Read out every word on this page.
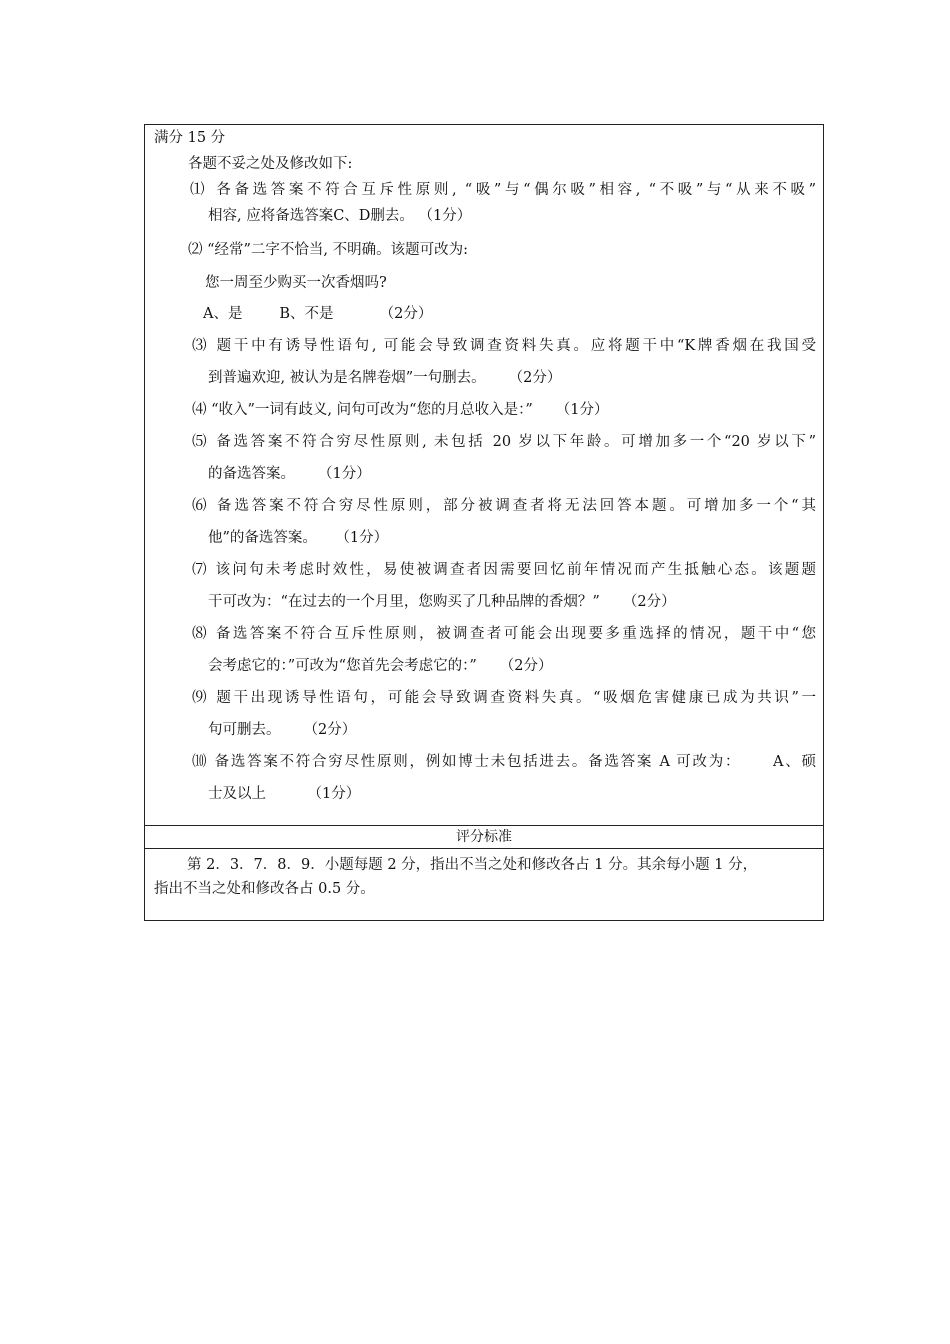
满分 15 分
各题不妥之处及修改如下:
⑴ 各备选答案不符合互斥性原则, “吸”与“偶尔吸”相容, “不吸”与“从来不吸”
相容, 应将备选答案C、D删去。 （1分）
⑵ “经常”二字不恰当, 不明确。该题可改为:
您一周至少购买一次香烟吗?
A、是        B、不是          （2分）
⑶ 题干中有诱导性语句, 可能会导致调查资料失真。应将题干中“K牌香烟在我国受
到普遍欢迎, 被认为是名牌卷烟”一句删去。     （2分）
⑷ “收入”一词有歧义, 问句可改为“您的月总收入是：”     （1分）
⑸ 备选答案不符合穷尽性原则, 未包括 20 岁以下年龄。可增加多一个“20 岁以下”
的备选答案。     （1分）
⑹ 备选答案不符合穷尽性原则，部分被调查者将无法回答本题。可增加多一个“其
他”的备选答案。    （1分）
⑺ 该问句未考虑时效性，易使被调查者因需要回忆前年情况而产生抵触心态。该题题
干可改为：“在过去的一个月里，您购买了几种品牌的香烟？”     （2分）
⑻ 备选答案不符合互斥性原则，被调查者可能会出现要多重选择的情况，题干中“您
会考虑它的：”可改为“您首先会考虑它的：”     （2分）
⑼ 题干出现诱导性语句，可能会导致调查资料失真。“吸烟危害健康已成为共识”一
句可删去。     （2分）
⑽ 备选答案不符合穷尽性原则，例如博士未包括进去。备选答案 A 可改为：     A、硕
士及以上         （1分）
评分标准

第 2．3．7．8．9．小题每题 2 分，指出不当之处和修改各占 1 分。其余每小题 1 分，

指出不当之处和修改各占 0.5 分。
